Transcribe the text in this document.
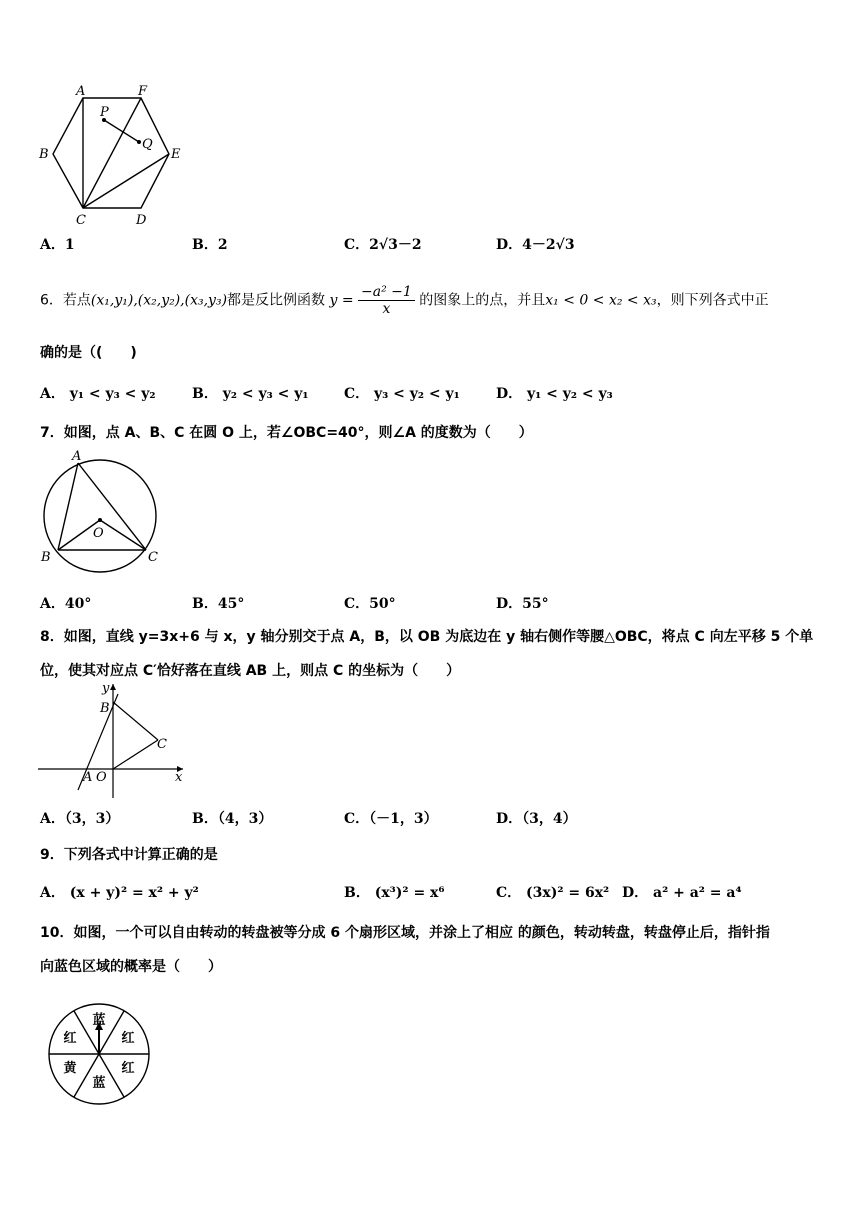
A	F
P
Q
B	E
C	D
A．1	B．2	C．2√3－2	D．4－2√3
6．若点(x₁,y₁),(x₂,y₂),(x₃,y₃)都是反比例函数 $y = \frac{\text{−a² −1}}{x}$ 的图象上的点，并且x₁ < 0 < x₂ < x₃，则下列各式中正
确的是（(　　)
A． y₁ < y₃ < y₂	B． y₂ < y₃ < y₁	C． y₃ < y₂ < y₁	D． y₁ < y₂ < y₃
7．如图，点 A、B、C 在圆 O 上，若∠OBC=40°，则∠A 的度数为（　　）
A
B	C
O
A．40°	B．45°	C．50°	D．55°
8．如图，直线 y=3x+6 与 x，y 轴分别交于点 A，B，以 OB 为底边在 y 轴右侧作等腰△OBC，将点 C 向左平移 5 个单
位，使其对应点 C′恰好落在直线 AB 上，则点 C 的坐标为（　　）
y
B
C
A O	x
A．（3，3）	B．（4，3）	C．（－1，3）	D．（3，4）
9．下列各式中计算正确的是
A． (x + y)² = x² + y²	B． (x³)² = x⁶	C． (3x)² = 6x² D． a² + a² = a⁴
10．如图，一个可以自由转动的转盘被等分成 6 个扇形区域，并涂上了相应 的颜色，转动转盘，转盘停止后，指针指
向蓝色区域的概率是（　　）
蓝
红
红
蓝
黄	红
